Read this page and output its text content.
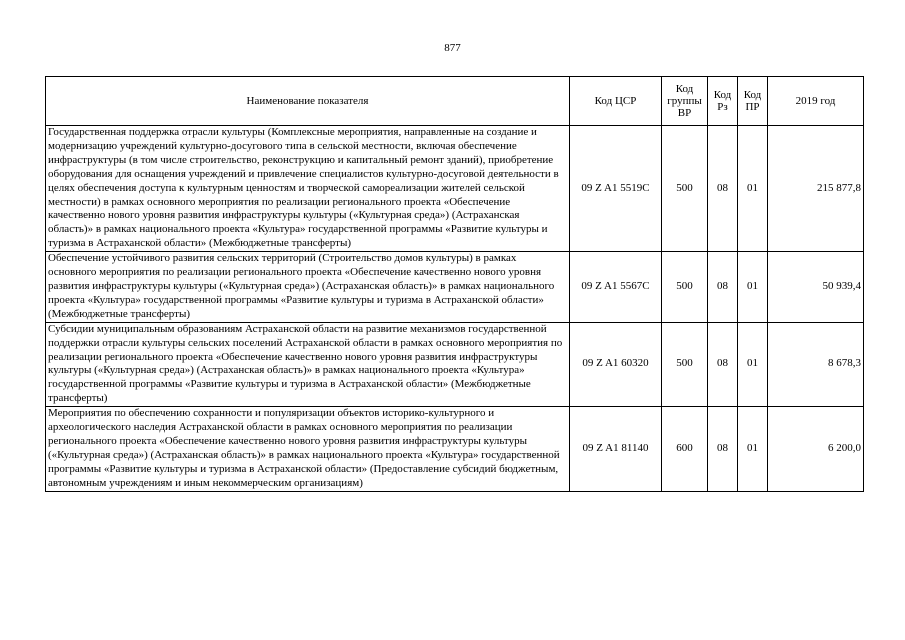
877
Наименование показателя	Код ЦСР	Код группы ВР	Код Рз	Код ПР	2019 год
Государственная поддержка отрасли культуры (Комплексные мероприятия, направленные на создание и модернизацию учреждений культурно-досугового типа в сельской местности, включая обеспечение инфраструктуры (в том числе строительство, реконструкцию и капитальный ремонт зданий), приобретение оборудования для оснащения учреждений и привлечение специалистов культурно-досуговой деятельности в целях обеспечения доступа к культурным ценностям и творческой самореализации жителей сельской местности) в рамках основного мероприятия по реализации регионального проекта «Обеспечение качественно нового уровня развития инфраструктуры культуры («Культурная среда») (Астраханская область)» в рамках национального проекта «Культура» государственной программы «Развитие культуры и туризма в Астраханской области» (Межбюджетные трансферты)	09 Z A1 5519C	500	08	01	215 877,8
Обеспечение устойчивого развития сельских территорий (Строительство домов культуры) в рамках основного мероприятия по реализации регионального проекта «Обеспечение качественно нового уровня развития инфраструктуры культуры («Культурная среда») (Астраханская область)» в рамках национального проекта «Культура» государственной программы «Развитие культуры и туризма в Астраханской области» (Межбюджетные трансферты)	09 Z A1 5567C	500	08	01	50 939,4
Субсидии муниципальным образованиям Астраханской области на развитие механизмов государственной поддержки отрасли культуры сельских поселений Астраханской области в рамках основного мероприятия по реализации регионального проекта «Обеспечение качественно нового уровня развития инфраструктуры культуры («Культурная среда») (Астраханская область)» в рамках национального проекта «Культура» государственной программы «Развитие культуры и туризма в Астраханской области» (Межбюджетные трансферты)	09 Z A1 60320	500	08	01	8 678,3
Мероприятия по обеспечению сохранности и популяризации объектов историко-культурного и археологического наследия Астраханской области в рамках основного мероприятия по реализации регионального проекта «Обеспечение качественно нового уровня развития инфраструктуры культуры («Культурная среда») (Астраханская область)» в рамках национального проекта «Культура» государственной программы «Развитие культуры и туризма в Астраханской области» (Предоставление субсидий бюджетным, автономным учреждениям и иным некоммерческим организациям)	09 Z A1 81140	600	08	01	6 200,0
